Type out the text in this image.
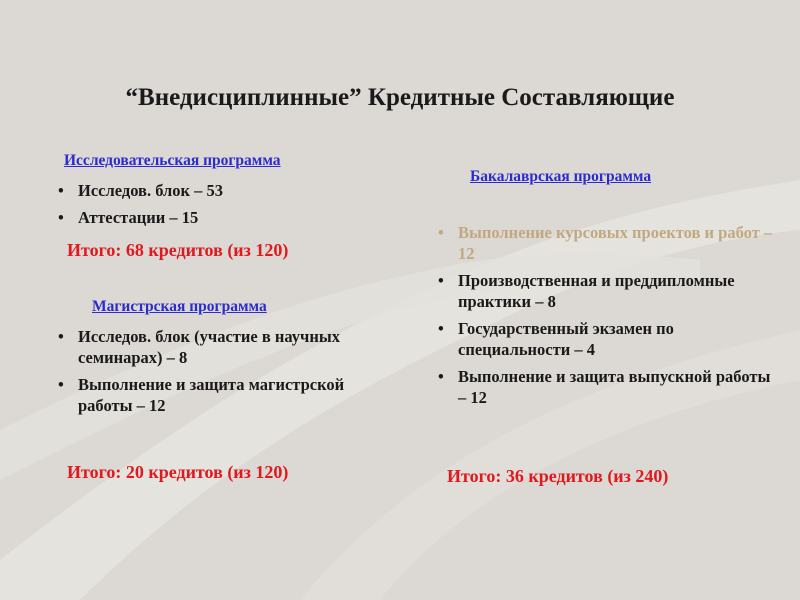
“Внедисциплинные” Кредитные Составляющие
Исследовательская программа
• Исследов. блок – 53
• Аттестации – 15
Итого: 68 кредитов (из 120)
Магистрская программа
• Исследов. блок (участие в научных семинарах) – 8
• Выполнение и защита магистрской работы – 12
Итого: 20 кредитов (из 120)
Бакалаврская программа
• Выполнение курсовых проектов и работ – 12
• Производственная и преддипломные практики – 8
• Государственный экзамен по специальности – 4
• Выполнение и защита выпускной работы – 12
Итого: 36 кредитов (из 240)
